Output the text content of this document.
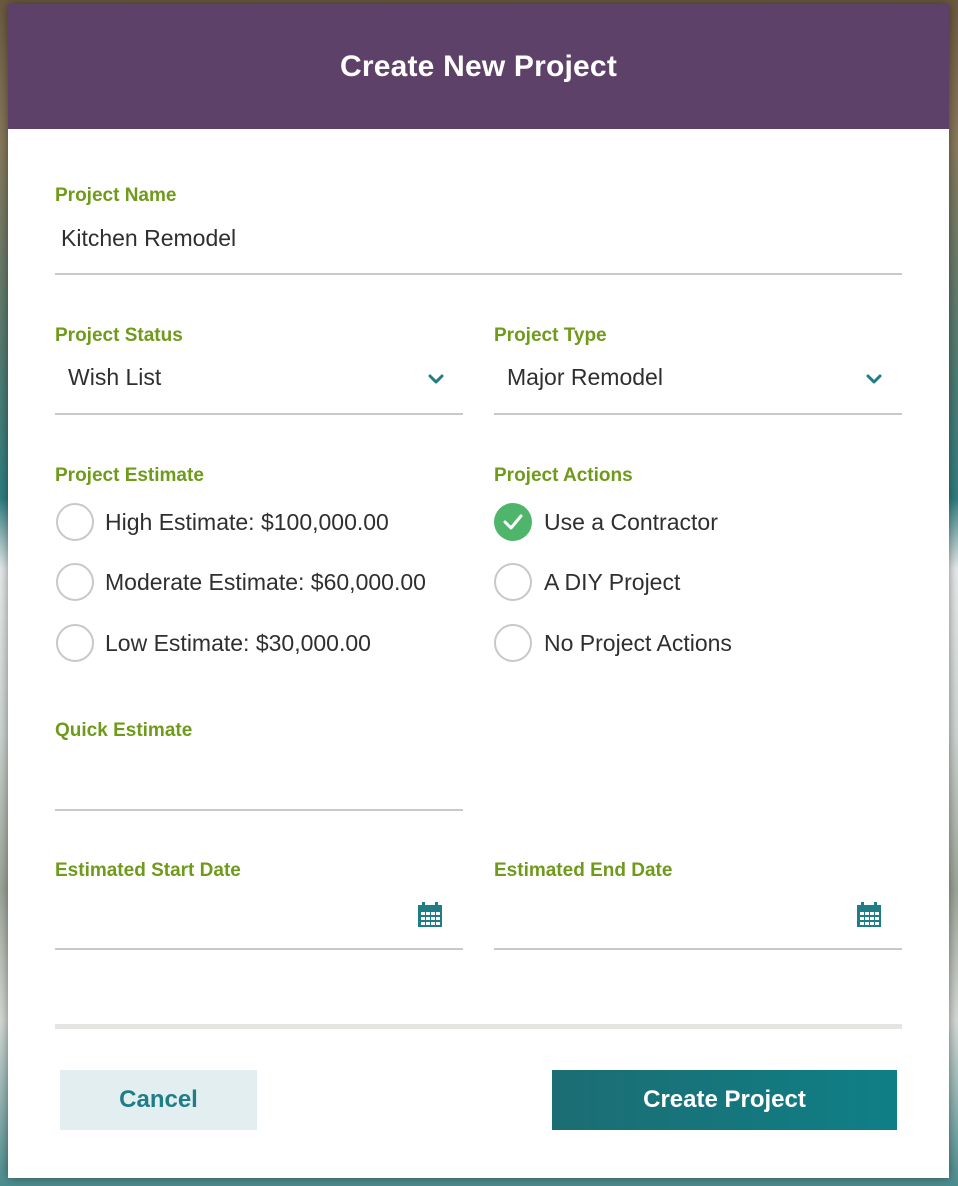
Create New Project
Project Name
Kitchen Remodel
Project Status
Wish List
Project Type
Major Remodel
Project Estimate
High Estimate: $100,000.00
Moderate Estimate: $60,000.00
Low Estimate: $30,000.00
Project Actions
Use a Contractor
A DIY Project
No Project Actions
Quick Estimate
Estimated Start Date	Estimated End Date
Cancel	Create Project
